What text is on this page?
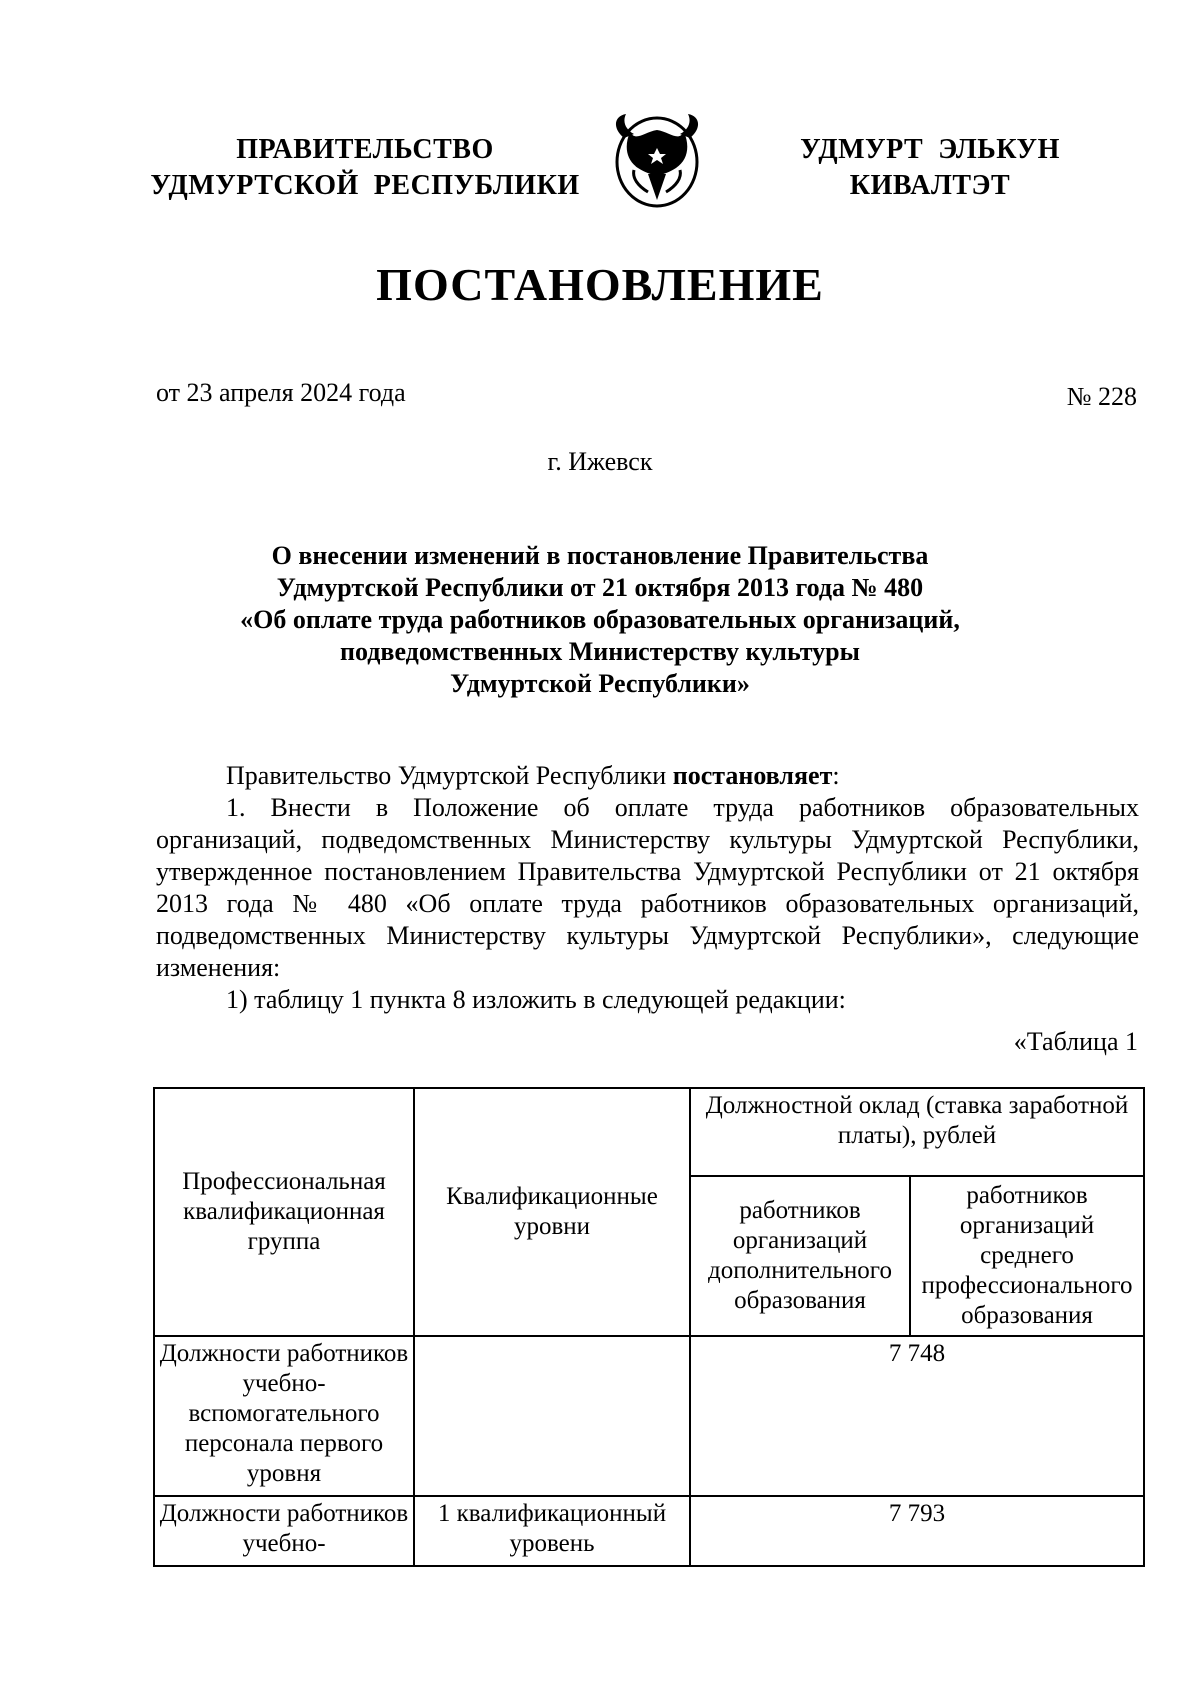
ПРАВИТЕЛЬСТВО
УДМУРТСКОЙ  РЕСПУБЛИКИ
УДМУРТ  ЭЛЬКУН
КИВАЛТЭТ
ПОСТАНОВЛЕНИЕ
от 23 апреля 2024 года	№ 228
г. Ижевск
О внесении изменений в постановление Правительства
Удмуртской Республики от 21 октября 2013 года № 480
«Об оплате труда работников образовательных организаций,
подведомственных Министерству культуры
Удмуртской Республики»

Правительство Удмуртской Республики постановляет:

1. Внести в Положение об оплате труда работников образовательных организаций, подведомственных Министерству культуры Удмуртской Республики, утвержденное постановлением Правительства Удмуртской Республики от 21 октября 2013 года № 480 «Об оплате труда работников образовательных организаций, подведомственных Министерству культуры Удмуртской Республики», следующие изменения:

1) таблицу 1 пункта 8 изложить в следующей редакции:

«Таблица 1
Профессиональная квалификационная группа	Квалификационные уровни	Должностной оклад (ставка заработной платы), рублей	
		работников организаций дополнительного образования	работников организаций среднего профессионального образования
Должности работников учебно-вспомогательного персонала первого уровня		7 748	
Должности работников учебно-	1 квалификационный уровень	7 793	
